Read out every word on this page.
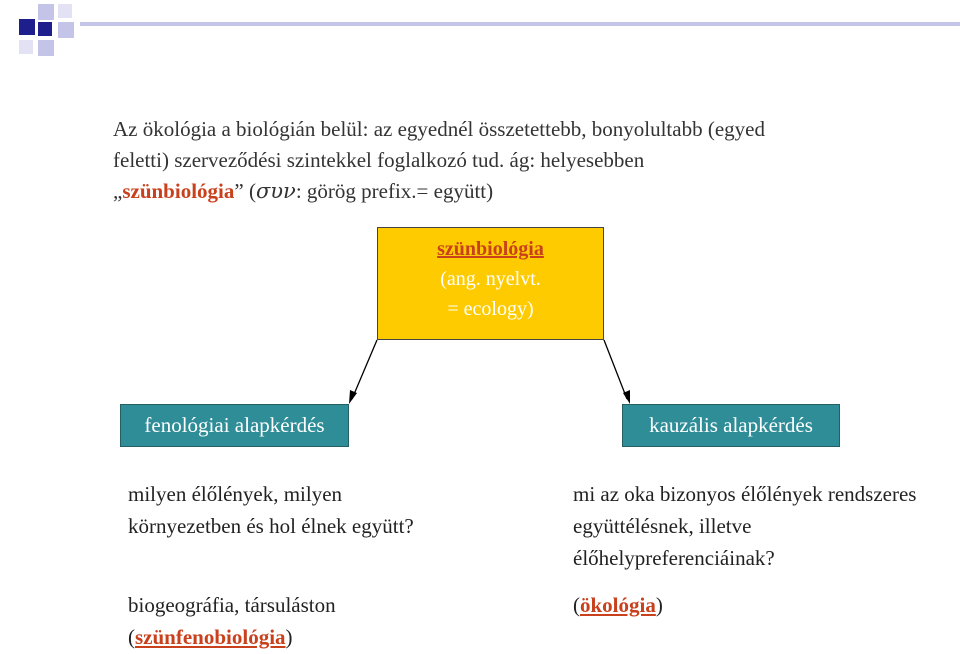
Az ökológia a biológián belül: az egyednél összetettebb, bonyolultabb (egyed
feletti) szerveződési szintekkel foglalkozó tud. ág: helyesebben
„szünbiológia” (συν: görög prefix.= együtt)
szünbiológia
(ang. nyelvt.
= ecology)
fenológiai alapkérdés	kauzális alapkérdés
milyen élőlények, milyen környezetben és hol élnek együtt?
biogeográfia, társuláston (szünfenobiológia)
mi az oka bizonyos élőlények rendszeres együttélésnek, illetve élőhelypreferenciáinak?
(ökológia)
